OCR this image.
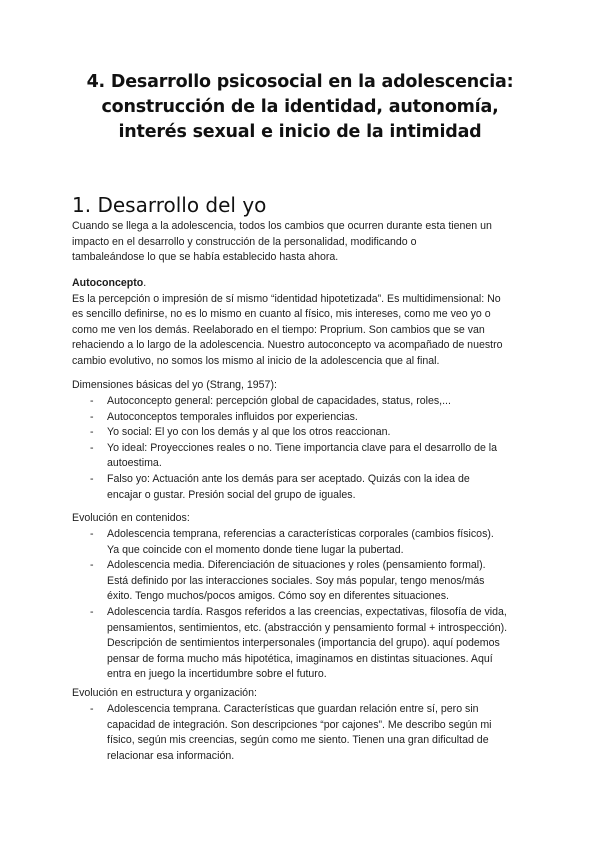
4. Desarrollo psicosocial en la adolescencia:
construcción de la identidad, autonomía,
interés sexual e inicio de la intimidad
1. Desarrollo del yo
Cuando se llega a la adolescencia, todos los cambios que ocurren durante esta tienen un
impacto en el desarrollo y construcción de la personalidad, modificando o
tambaleándose lo que se había establecido hasta ahora.
Autoconcepto.
Es la percepción o impresión de sí mismo “identidad hipotetizada”. Es multidimensional: No
es sencillo definirse, no es lo mismo en cuanto al físico, mis intereses, como me veo yo o
como me ven los demás. Reelaborado en el tiempo: Proprium. Son cambios que se van
rehaciendo a lo largo de la adolescencia. Nuestro autoconcepto va acompañado de nuestro
cambio evolutivo, no somos los mismo al inicio de la adolescencia que al final.
Dimensiones básicas del yo (Strang, 1957):
- Autoconcepto general: percepción global de capacidades, status, roles,...
- Autoconceptos temporales influidos por experiencias.
- Yo social: El yo con los demás y al que los otros reaccionan.
- Yo ideal: Proyecciones reales o no. Tiene importancia clave para el desarrollo de la
autoestima.
- Falso yo: Actuación ante los demás para ser aceptado. Quizás con la idea de
encajar o gustar. Presión social del grupo de iguales.
Evolución en contenidos:
- Adolescencia temprana, referencias a características corporales (cambios físicos).
Ya que coincide con el momento donde tiene lugar la pubertad.
- Adolescencia media. Diferenciación de situaciones y roles (pensamiento formal).
Está definido por las interacciones sociales. Soy más popular, tengo menos/más
éxito. Tengo muchos/pocos amigos. Cómo soy en diferentes situaciones.
- Adolescencia tardía. Rasgos referidos a las creencias, expectativas, filosofía de vida,
pensamientos, sentimientos, etc. (abstracción y pensamiento formal + introspección).
Descripción de sentimientos interpersonales (importancia del grupo). aquí podemos
pensar de forma mucho más hipotética, imaginamos en distintas situaciones. Aquí
entra en juego la incertidumbre sobre el futuro.
Evolución en estructura y organización:
- Adolescencia temprana. Características que guardan relación entre sí, pero sin
capacidad de integración. Son descripciones “por cajones”. Me describo según mi
físico, según mis creencias, según como me siento. Tienen una gran dificultad de
relacionar esa información.
